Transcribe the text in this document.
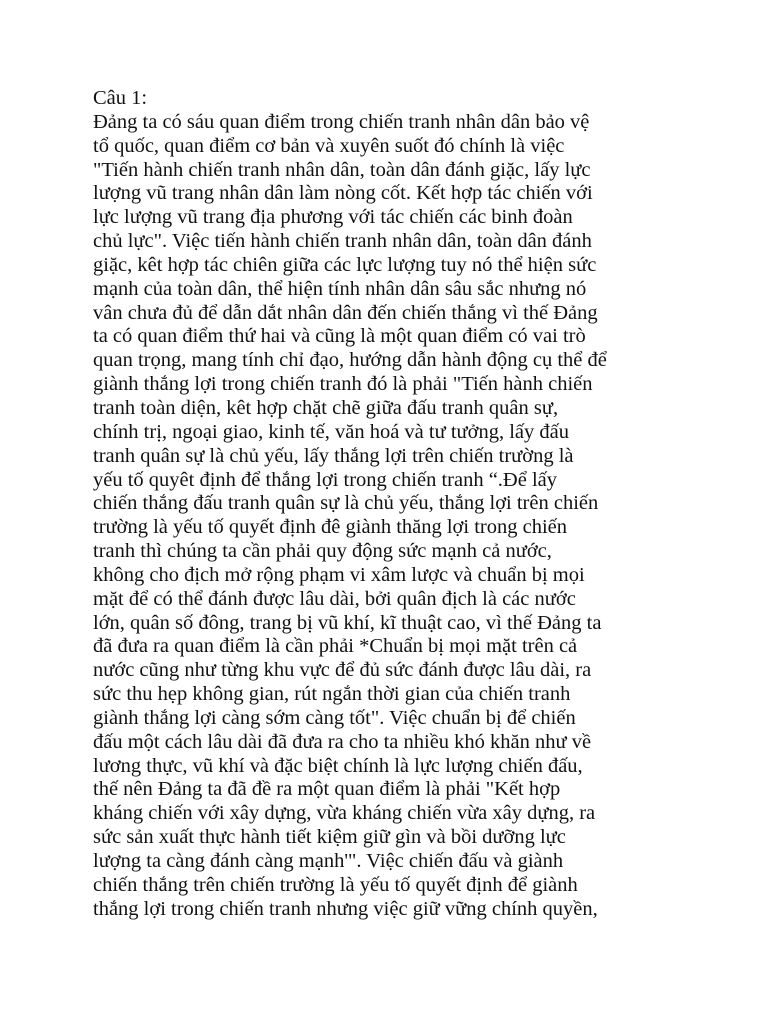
Câu 1:
Đảng ta có sáu quan điểm trong chiến tranh nhân dân bảo vệ
tổ quốc, quan điểm cơ bản và xuyên suốt đó chính là việc
"Tiến hành chiến tranh nhân dân, toàn dân đánh giặc, lấy lực
lượng vũ trang nhân dân làm nòng cốt. Kết hợp tác chiến với
lực lượng vũ trang địa phương với tác chiến các binh đoàn
chủ lực". Việc tiến hành chiến tranh nhân dân, toàn dân đánh
giặc, kêt hợp tác chiên giữa các lực lượng tuy nó thể hiện sức
mạnh của toàn dân, thể hiện tính nhân dân sâu sắc nhưng nó
vân chưa đủ để dẫn dắt nhân dân đến chiến thắng vì thế Đảng
ta có quan điểm thứ hai và cũng là một quan điểm có vai trò
quan trọng, mang tính chỉ đạo, hướng dẫn hành động cụ thể để
giành thắng lợi trong chiến tranh đó là phải "Tiến hành chiến
tranh toàn diện, kêt hợp chặt chẽ giữa đấu tranh quân sự,
chính trị, ngoại giao, kinh tế, văn hoá và tư tưởng, lấy đấu
tranh quân sự là chủ yếu, lấy thắng lợi trên chiến trường là
yếu tố quyêt định để thắng lợi trong chiến tranh “.Để lấy
chiến thắng đấu tranh quân sự là chủ yếu, thắng lợi trên chiến
trường là yếu tố quyết định đê giành thăng lợi trong chiến
tranh thì chúng ta cần phải quy động sức mạnh cả nước,
không cho địch mở rộng phạm vi xâm lược và chuẩn bị mọi
mặt để có thể đánh được lâu dài, bởi quân địch là các nước
lớn, quân số đông, trang bị vũ khí, kĩ thuật cao, vì thế Đảng ta
đã đưa ra quan điểm là cần phải *Chuẩn bị mọi mặt trên cả
nước cũng như từng khu vực để đủ sức đánh được lâu dài, ra
sức thu hẹp không gian, rút ngắn thời gian của chiến tranh
giành thắng lợi càng sớm càng tốt". Việc chuẩn bị để chiến
đấu một cách lâu dài đã đưa ra cho ta nhiều khó khăn như về
lương thực, vũ khí và đặc biệt chính là lực lượng chiến đấu,
thế nên Đảng ta đã đề ra một quan điểm là phải "Kết hợp
kháng chiến với xây dựng, vừa kháng chiến vừa xây dựng, ra
sức sản xuất thực hành tiết kiệm giữ gìn và bồi dưỡng lực
lượng ta càng đánh càng mạnh'". Việc chiến đấu và giành
chiến thắng trên chiến trường là yếu tố quyết định để giành
thắng lợi trong chiến tranh nhưng việc giữ vững chính quyền,
